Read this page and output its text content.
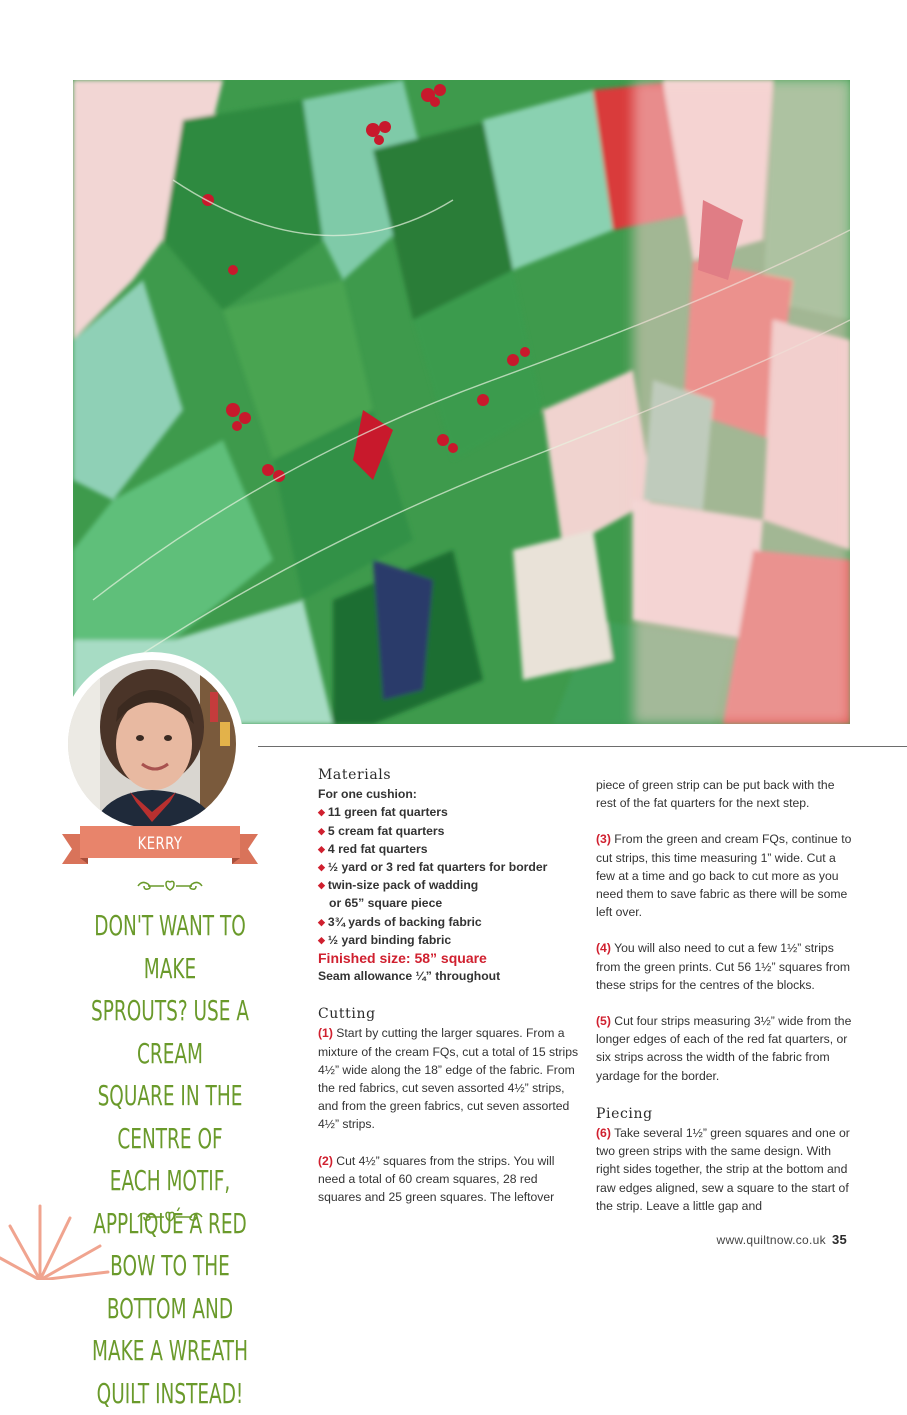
KERRY FOSTER
DON'T WANT TO MAKE
SPROUTS? USE A CREAM
SQUARE IN THE CENTRE OF
EACH MOTIF, APPLIQUÉ A RED
BOW TO THE BOTTOM AND
MAKE A WREATH
QUILT INSTEAD!
Materials
For one cushion:
◆ 11 green fat quarters
◆ 5 cream fat quarters
◆ 4 red fat quarters
◆ ½ yard or 3 red fat quarters for border
◆ twin-size pack of wadding
or 65” square piece
◆ 3¾ yards of backing fabric
◆ ½ yard binding fabric
Finished size: 58” square
Seam allowance ¼” throughout
Cutting

(1) Start by cutting the larger squares. From a mixture of the cream FQs, cut a total of 15 strips 4½” wide along the 18” edge of the fabric. From the red fabrics, cut seven assorted 4½” strips, and from the green fabrics, cut seven assorted 4½” strips.

(2) Cut 4½” squares from the strips. You will need a total of 60 cream squares, 28 red squares and 25 green squares. The leftover

piece of green strip can be put back with the rest of the fat quarters for the next step.

(3) From the green and cream FQs, continue to cut strips, this time measuring 1” wide. Cut a few at a time and go back to cut more as you need them to save fabric as there will be some left over.

(4) You will also need to cut a few 1½” strips from the green prints. Cut 56 1½” squares from these strips for the centres of the blocks.

(5) Cut four strips measuring 3½” wide from the longer edges of each of the red fat quarters, or six strips across the width of the fabric from yardage for the border.

Piecing

(6) Take several 1½” green squares and one or two green strips with the same design. With right sides together, the strip at the bottom and raw edges aligned, sew a square to the start of the strip. Leave a little gap and

www.quiltnow.co.uk 35
